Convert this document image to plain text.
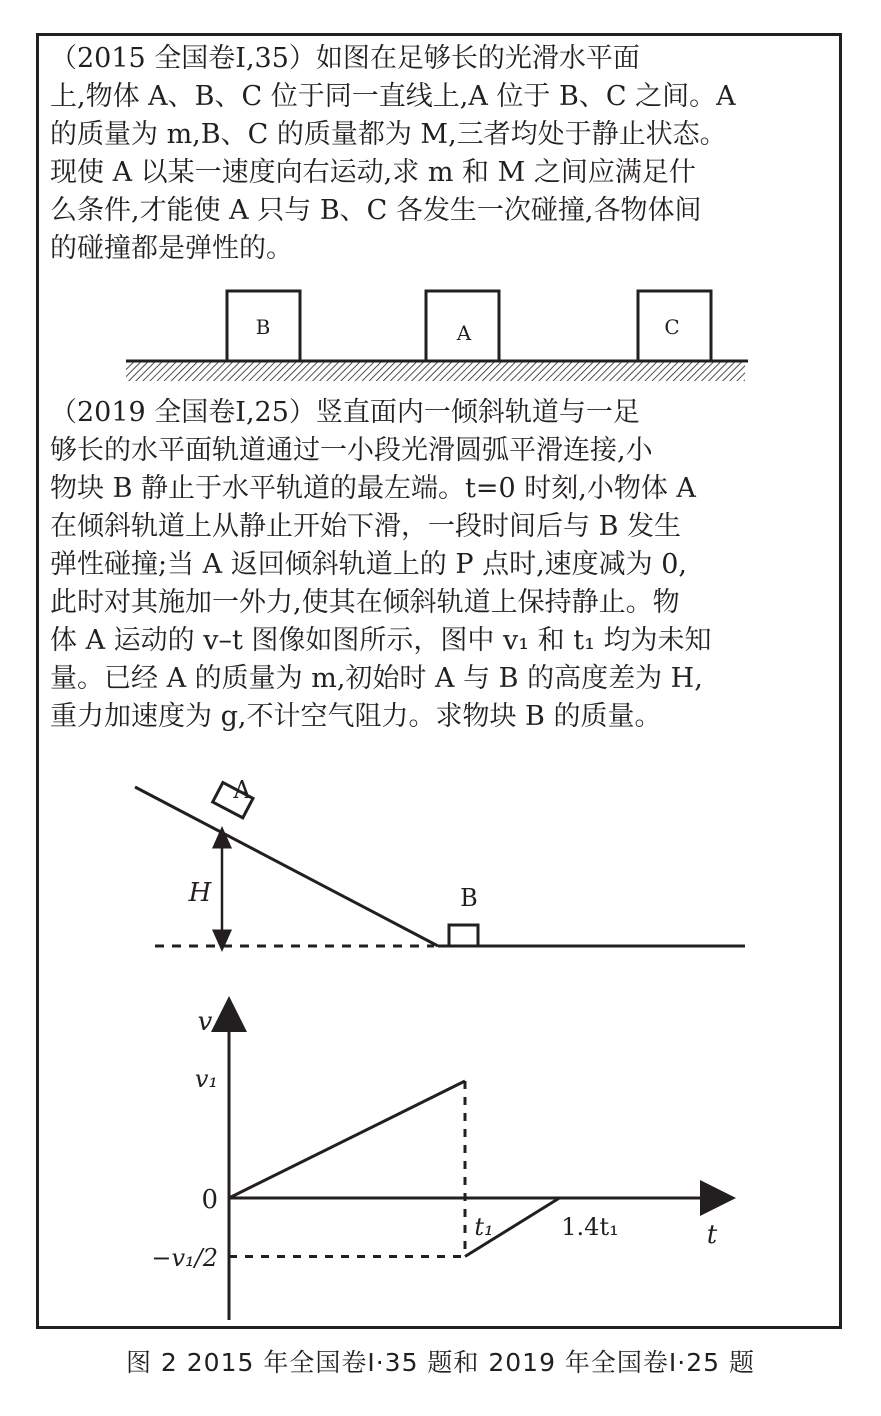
（2015 全国卷Ⅰ,35）如图在足够长的光滑水平面
上,物体 A、B、C 位于同一直线上,A 位于 B、C 之间。A
的质量为 m,B、C 的质量都为 M,三者均处于静止状态。
现使 A 以某一速度向右运动,求 m 和 M 之间应满足什
么条件,才能使 A 只与 B、C 各发生一次碰撞,各物体间
的碰撞都是弹性的。
B	A	C
（2019 全国卷Ⅰ,25）竖直面内一倾斜轨道与一足
够长的水平面轨道通过一小段光滑圆弧平滑连接,小
物块 B 静止于水平轨道的最左端。t=0 时刻,小物体 A
在倾斜轨道上从静止开始下滑，一段时间后与 B 发生
弹性碰撞;当 A 返回倾斜轨道上的 P 点时,速度减为 0,
此时对其施加一外力,使其在倾斜轨道上保持静止。物
体 A 运动的 v–t 图像如图所示，图中 v₁ 和 t₁ 均为未知
量。已经 A 的质量为 m,初始时 A 与 B 的高度差为 H,
重力加速度为 g,不计空气阻力。求物块 B 的质量。
A
H	B
v
t
v₁
0
−v₁/2
t₁	1.4t₁

图 2 2015 年全国卷Ⅰ·35 题和 2019 年全国卷Ⅰ·25 题
